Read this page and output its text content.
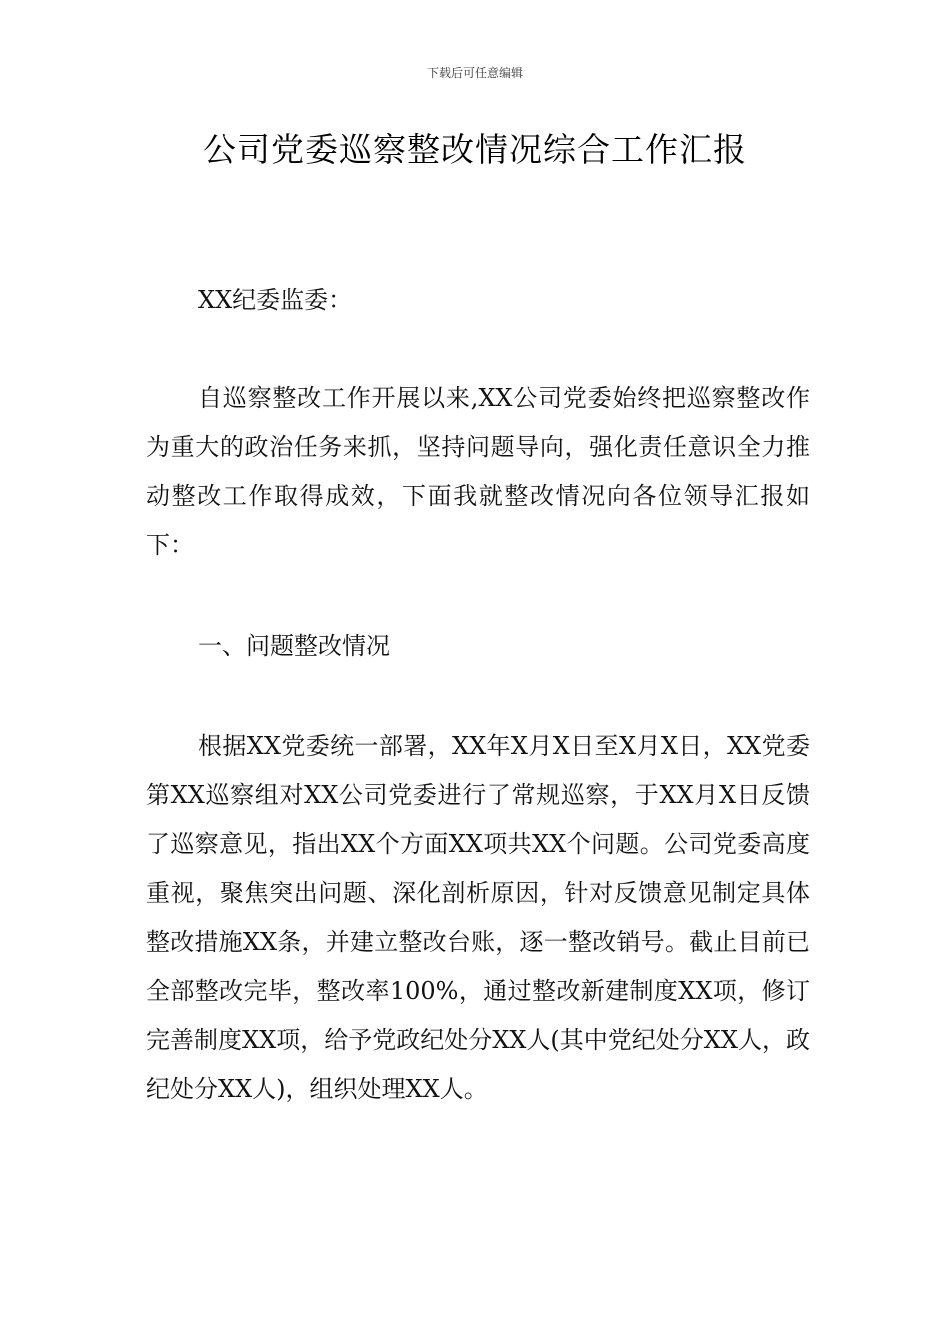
下载后可任意编辑
公司党委巡察整改情况综合工作汇报

XX纪委监委：

自巡察整改工作开展以来,XX公司党委始终把巡察整改作为重大的政治任务来抓，坚持问题导向，强化责任意识全力推动整改工作取得成效，下面我就整改情况向各位领导汇报如下：

一、问题整改情况

根据XX党委统一部署，XX年X月X日至X月X日，XX党委第XX巡察组对XX公司党委进行了常规巡察，于XX月X日反馈了巡察意见，指出XX个方面XX项共XX个问题。公司党委高度重视，聚焦突出问题、深化剖析原因，针对反馈意见制定具体整改措施XX条，并建立整改台账，逐一整改销号。截止目前已全部整改完毕，整改率100%，通过整改新建制度XX项，修订完善制度XX项，给予党政纪处分XX人(其中党纪处分XX人，政纪处分XX人)，组织处理XX人。
